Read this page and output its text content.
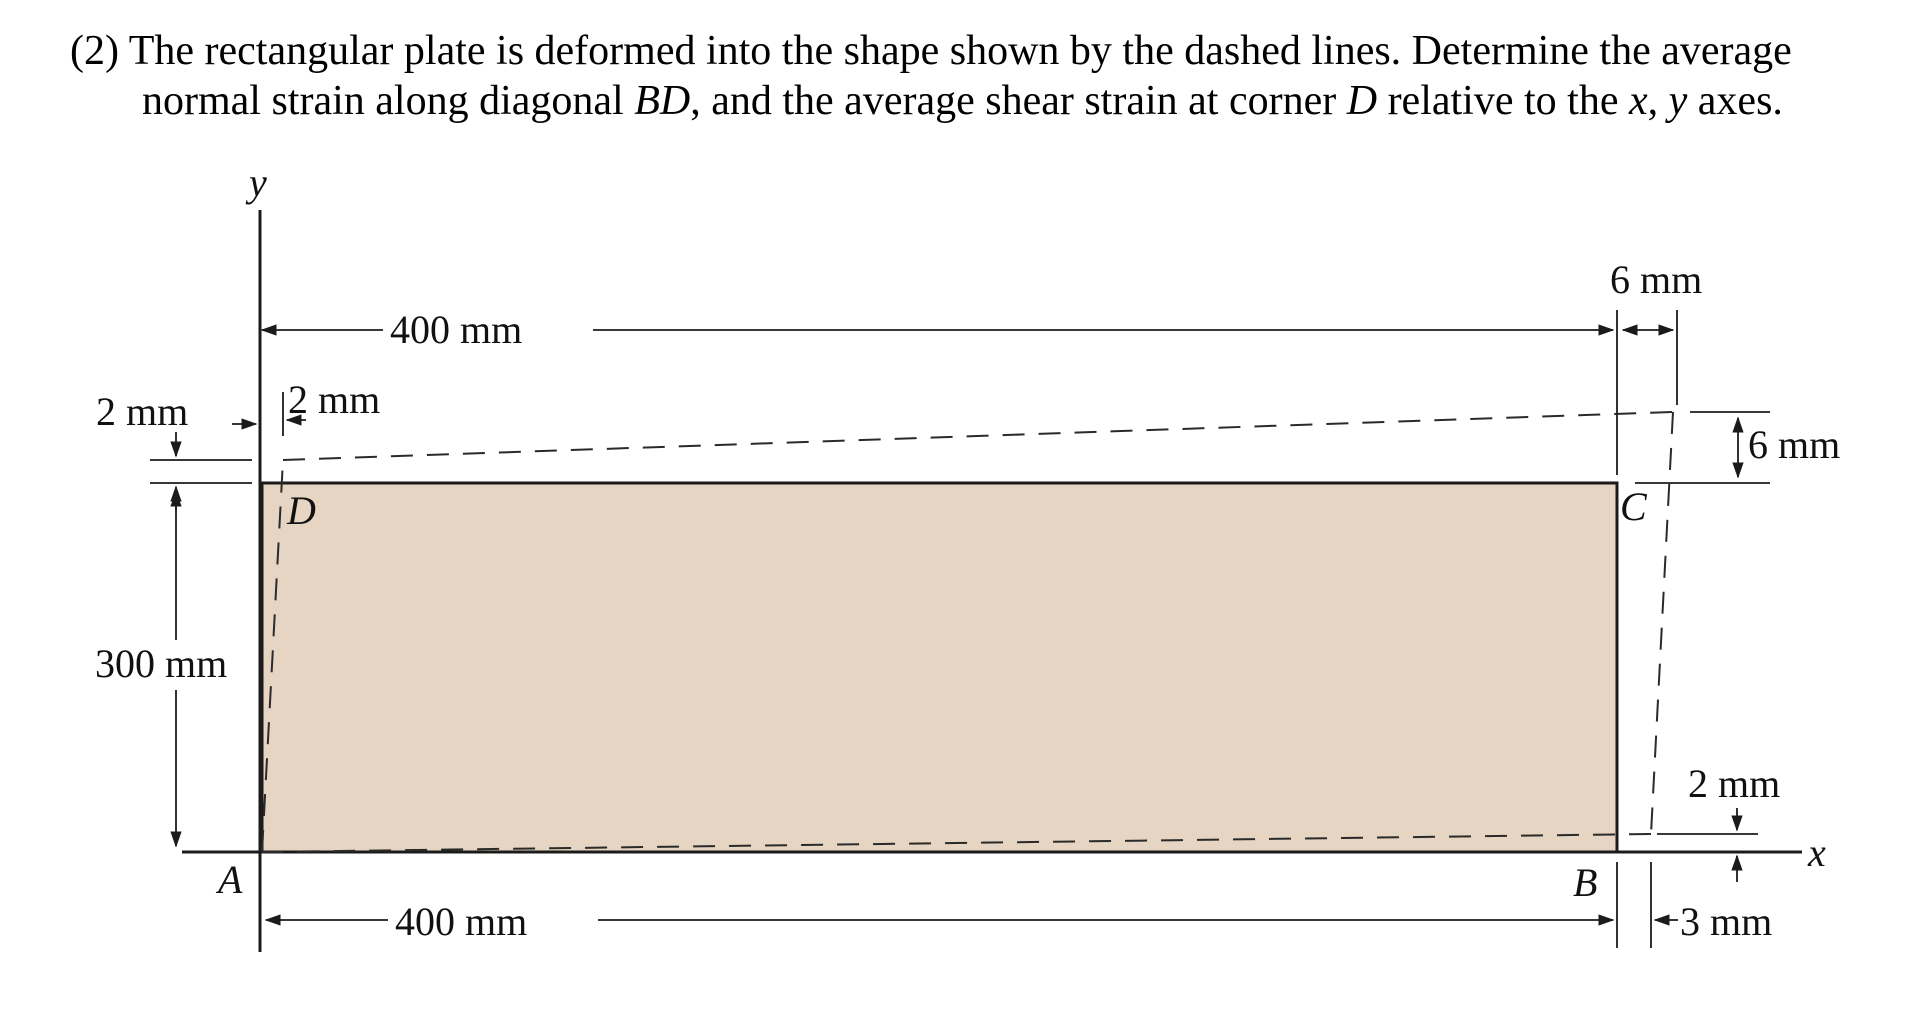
(2) The rectangular plate is deformed into the shape shown by the dashed lines. Determine the average
normal strain along diagonal BD, and the average shear strain at corner D relative to the x, y axes.
y
x
A	B
C
D
400 mm
6 mm
6 mm
2 mm 2 mm
300 mm
400 mm	3 mm
2 mm
